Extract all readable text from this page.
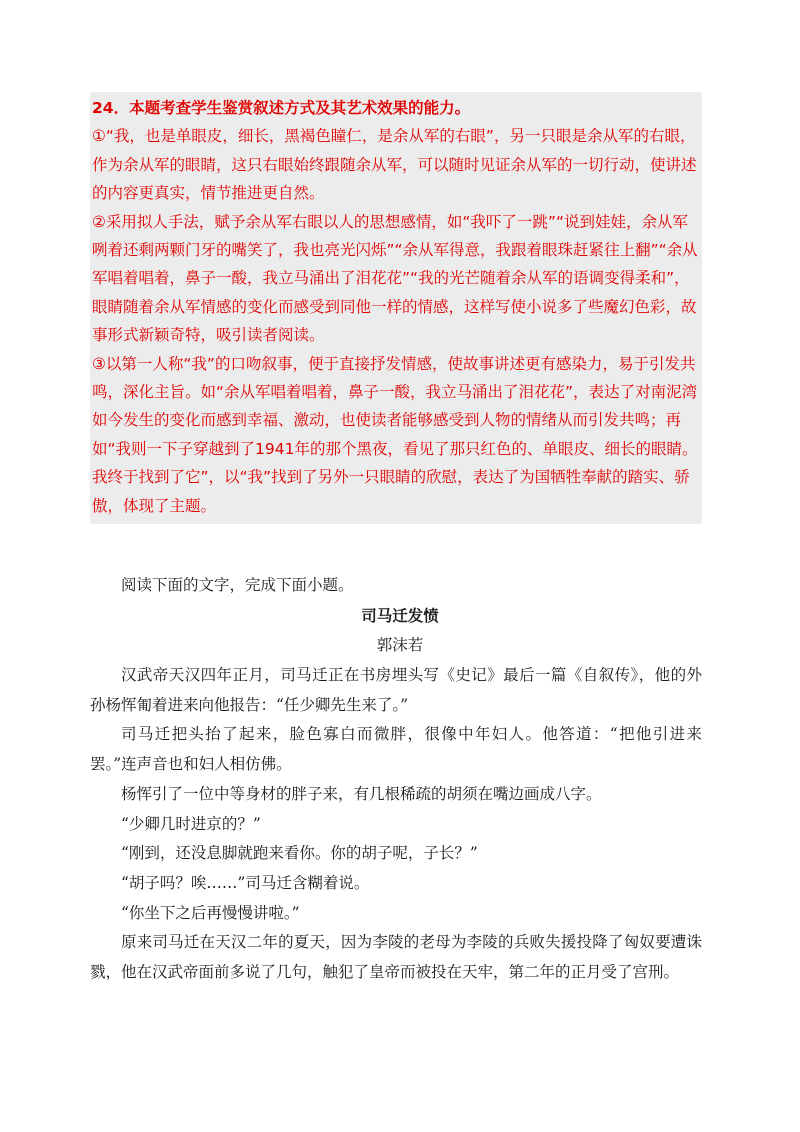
24．本题考查学生鉴赏叙述方式及其艺术效果的能力。

①“我，也是单眼皮，细长，黑褐色瞳仁，是余从军的右眼”，另一只眼是余从军的右眼，作为余从军的眼睛，这只右眼始终跟随余从军，可以随时见证余从军的一切行动，使讲述的内容更真实，情节推进更自然。

②采用拟人手法，赋予余从军右眼以人的思想感情，如“我吓了一跳”“说到娃娃，余从军咧着还剩两颗门牙的嘴笑了，我也亮光闪烁”“余从军得意，我跟着眼珠赶紧往上翻”“余从军唱着唱着，鼻子一酸，我立马涌出了泪花花”“我的光芒随着余从军的语调变得柔和”，眼睛随着余从军情感的变化而感受到同他一样的情感，这样写使小说多了些魔幻色彩，故事形式新颖奇特，吸引读者阅读。

③以第一人称“我”的口吻叙事，便于直接抒发情感，使故事讲述更有感染力，易于引发共鸣，深化主旨。如“余从军唱着唱着，鼻子一酸，我立马涌出了泪花花”，表达了对南泥湾如今发生的变化而感到幸福、激动，也使读者能够感受到人物的情绪从而引发共鸣；再如“我则一下子穿越到了1941年的那个黑夜，看见了那只红色的、单眼皮、细长的眼睛。我终于找到了它”，以“我”找到了另外一只眼睛的欣慰，表达了为国牺牲奉献的踏实、骄傲，体现了主题。

阅读下面的文字，完成下面小题。
司马迁发愤
郭沫若

汉武帝天汉四年正月，司马迁正在书房埋头写《史记》最后一篇《自叙传》，他的外孙杨恽匍着进来向他报告：“任少卿先生来了。”

司马迁把头抬了起来，脸色寡白而微胖，很像中年妇人。他答道：“把他引进来罢。”连声音也和妇人相仿佛。

杨恽引了一位中等身材的胖子来，有几根稀疏的胡须在嘴边画成八字。

“少卿几时进京的？”

“刚到，还没息脚就跑来看你。你的胡子呢，子长？”

“胡子吗？唉……”司马迁含糊着说。

“你坐下之后再慢慢讲啦。”

原来司马迁在天汉二年的夏天，因为李陵的老母为李陵的兵败失援投降了匈奴要遭诛戮，他在汉武帝面前多说了几句，触犯了皇帝而被投在天牢，第二年的正月受了宫刑。
